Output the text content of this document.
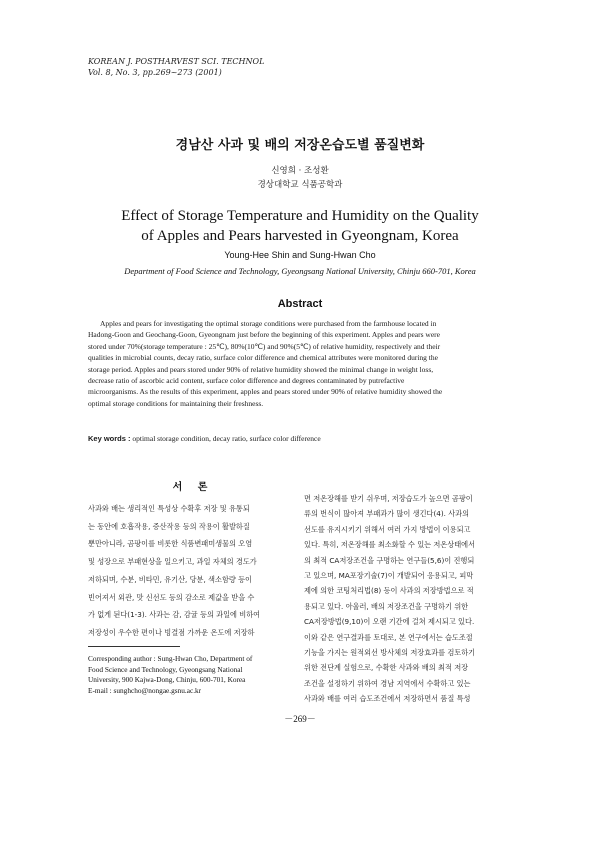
KOREAN J. POSTHARVEST SCI. TECHNOL
Vol. 8, No. 3, pp.269~273 (2001)
경남산 사과 및 배의 저장온습도별 품질변화
신영희 · 조성환
경상대학교 식품공학과
Effect of Storage Temperature and Humidity on the Quality
of Apples and Pears harvested in Gyeongnam, Korea
Young-Hee Shin and Sung-Hwan Cho
Department of Food Science and Technology, Gyeongsang National University, Chinju 660-701, Korea
Abstract
Apples and pears for investigating the optimal storage conditions were purchased from the farmhouse located in
Hadong-Goon and Geochang-Goon, Gyeongnam just before the beginning of this experiment. Apples and pears were
stored under 70%(storage temperature : 25℃), 80%(10℃) and 90%(5℃) of relative humidity, respectively and their
qualities in microbial counts, decay ratio, surface color difference and chemical attributes were monitored during the
storage period. Apples and pears stored under 90% of relative humidity showed the minimal change in weight loss,
decrease ratio of ascorbic acid content, surface color difference and degrees contaminated by putrefactive
microorganisms. As the results of this experiment, apples and pears stored under 90% of relative humidity showed the
optimal storage conditions for maintaining their freshness.
Key words : optimal storage condition, decay ratio, surface color difference
서 론
사과와 배는 생리적인 특성상 수확후 저장 및 유통되
는 동안에 호흡작용, 증산작용 등의 작용이 활발하질
뿐만아니라, 곰팡이를 비롯한 식품변패미생물의 오염
및 성장으로 부패현상을 일으키고, 과일 자체의 경도가
저하되며, 수분, 비타민, 유기산, 당분, 색소함량 등이
빈어져서 외관, 맛 신선도 등의 감소로 제값을 받을 수
가 없게 된다(1-3). 사과는 감, 감귤 등의 과일에 비하여
저장성이 우수한 편이나 빙결점 가까운 온도에 저장하
면 저온장해를 받기 쉬우며, 저장습도가 높으면 곰팡이
류의 번식이 많아져 부패과가 많이 생긴다(4). 사과의
선도를 유지시키기 위해서 여러 가지 방법이 이용되고
있다. 특히, 저온장해를 최소화할 수 있는 저온상태에서
의 최적 CA저장조건을 구명하는 연구들(5,6)이 진행되
고 있으며, MA포장기술(7)이 개발되어 응용되고, 피막
제에 의한 코팅처리법(8) 등이 사과의 저장방법으로 적
용되고 있다. 아울러, 배의 저장조건을 구명하기 위한
CA저장방법(9,10)이 오랜 기간에 걸쳐 제시되고 있다.
이와 같은 연구결과를 토대로, 본 연구에서는 습도조절
기능을 가지는 원적외선 방사체의 저장효과를 검토하기
위한 전단계 실험으로, 수확한 사과와 배의 최적 저장
조건을 설정하기 위하여 경남 지역에서 수확하고 있는
사과와 배를 여러 습도조건에서 저장하면서 품질 특성
Corresponding author : Sung-Hwan Cho, Department of
Food Science and Technology, Gyeongsang National
University, 900 Kajwa-Dong, Chinju, 600-701, Korea
E-mail : sunghcho@nongae.gsnu.ac.kr
－269－
